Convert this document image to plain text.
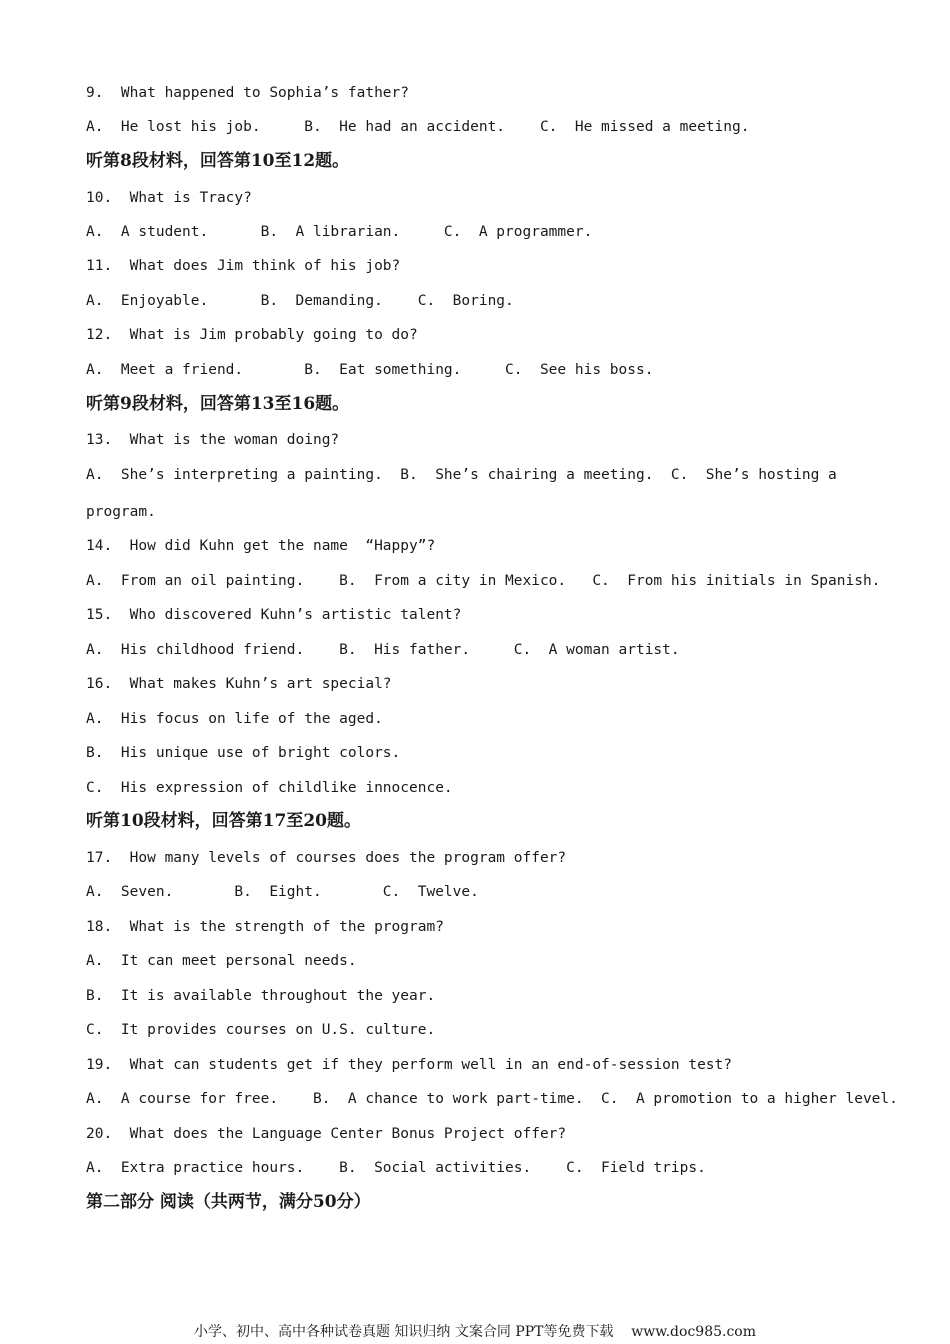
9.  What happened to Sophia’s father?
A.  He lost his job.     B.  He had an accident.    C.  He missed a meeting.
听第8段材料，回答第10至12题。
10.  What is Tracy?
A.  A student.      B.  A librarian.     C.  A programmer.
11.  What does Jim think of his job?
A.  Enjoyable.      B.  Demanding.    C.  Boring.
12.  What is Jim probably going to do?
A.  Meet a friend.       B.  Eat something.     C.  See his boss.
听第9段材料，回答第13至16题。
13.  What is the woman doing?
A.  She’s interpreting a painting.  B.  She’s chairing a meeting.  C.  She’s hosting a
program.
14.  How did Kuhn get the name  “Happy”?
A.  From an oil painting.    B.  From a city in Mexico.   C.  From his initials in Spanish.
15.  Who discovered Kuhn’s artistic talent?
A.  His childhood friend.    B.  His father.     C.  A woman artist.
16.  What makes Kuhn’s art special?
A.  His focus on life of the aged.
B.  His unique use of bright colors.
C.  His expression of childlike innocence.
听第10段材料，回答第17至20题。
17.  How many levels of courses does the program offer?
A.  Seven.       B.  Eight.       C.  Twelve.
18.  What is the strength of the program?
A.  It can meet personal needs.
B.  It is available throughout the year.
C.  It provides courses on U.S. culture.
19.  What can students get if they perform well in an end-of-session test?
A.  A course for free.    B.  A chance to work part-time.  C.  A promotion to a higher level.
20.  What does the Language Center Bonus Project offer?
A.  Extra practice hours.    B.  Social activities.    C.  Field trips.
第二部分 阅读（共两节，满分50分）
小学、初中、高中各种试卷真题 知识归纳 文案合同 PPT等免费下载    www.doc985.com
